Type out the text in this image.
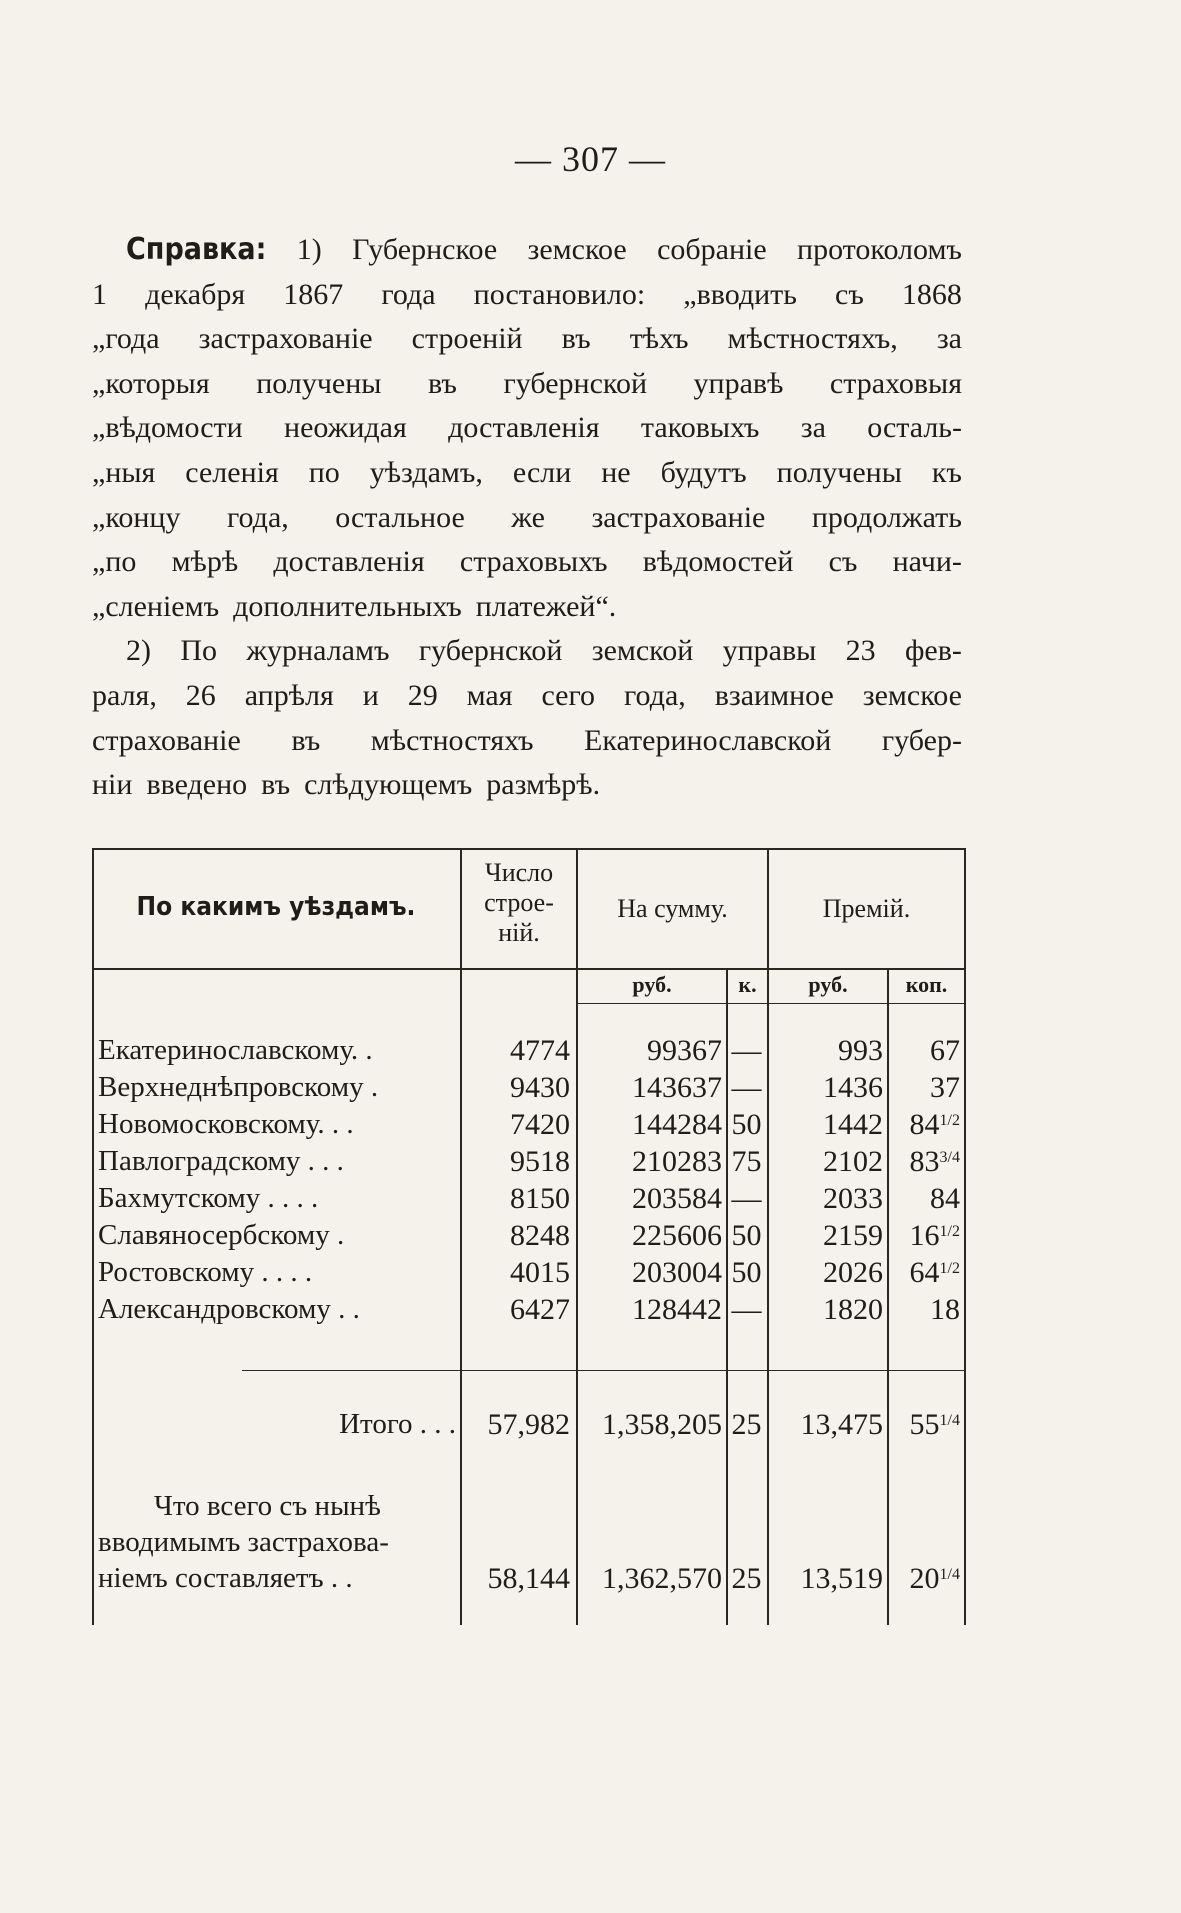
— 307 —
Справка: 1) Губернское земское собраніе протоколомъ
1 декабря 1867 года постановило: „вводить съ 1868
„года застрахованіе строеній въ тѣхъ мѣстностяхъ, за
„которыя получены въ губернской управѣ страховыя
„вѣдомости неожидая доставленія таковыхъ за осталь-
„ныя селенія по уѣздамъ, если не будутъ получены къ
„концу года, остальное же застрахованіе продолжать
„по мѣрѣ доставленія страховыхъ вѣдомостей съ начи-
„сленіемъ дополнительныхъ платежей“.
2) По журналамъ губернской земской управы 23 фев-
раля, 26 апрѣля и 29 мая сего года, взаимное земское
страхованіе въ мѣстностяхъ Екатеринославской губер-
ніи введено въ слѣдующемъ размѣрѣ.
По какимъ уѣздамъ.
Число
строе-
ній.
На сумму.	Премій.
руб.	к.	руб.	коп.
Екатеринославскому. .	4774	99367 —	993	67
Верхнеднѣпровскому .	9430	143637 —	1436	37
Новомосковскому. . .	7420	144284 50	1442 $84^{1/2}$
Павлоградскому . . .	9518	210283 75	2102 $83^{3/4}$
Бахмутскому . . . .	8150	203584 —	2033	84
Славяносербскому .	8248	225606 50	2159 $16^{1/2}$
Ростовскому . . . .	4015	203004 50	2026 $64^{1/2}$
Александровскому . .	6427	128442 —	1820	18
Итого . . .	57,982	1,358,205 25	13,475 $55^{1/4}$
Что всего съ нынѣ
вводимымъ застрахова-
ніемъ составляетъ . .	58,144	1,362,570 25	13,519 $20^{1/4}$
